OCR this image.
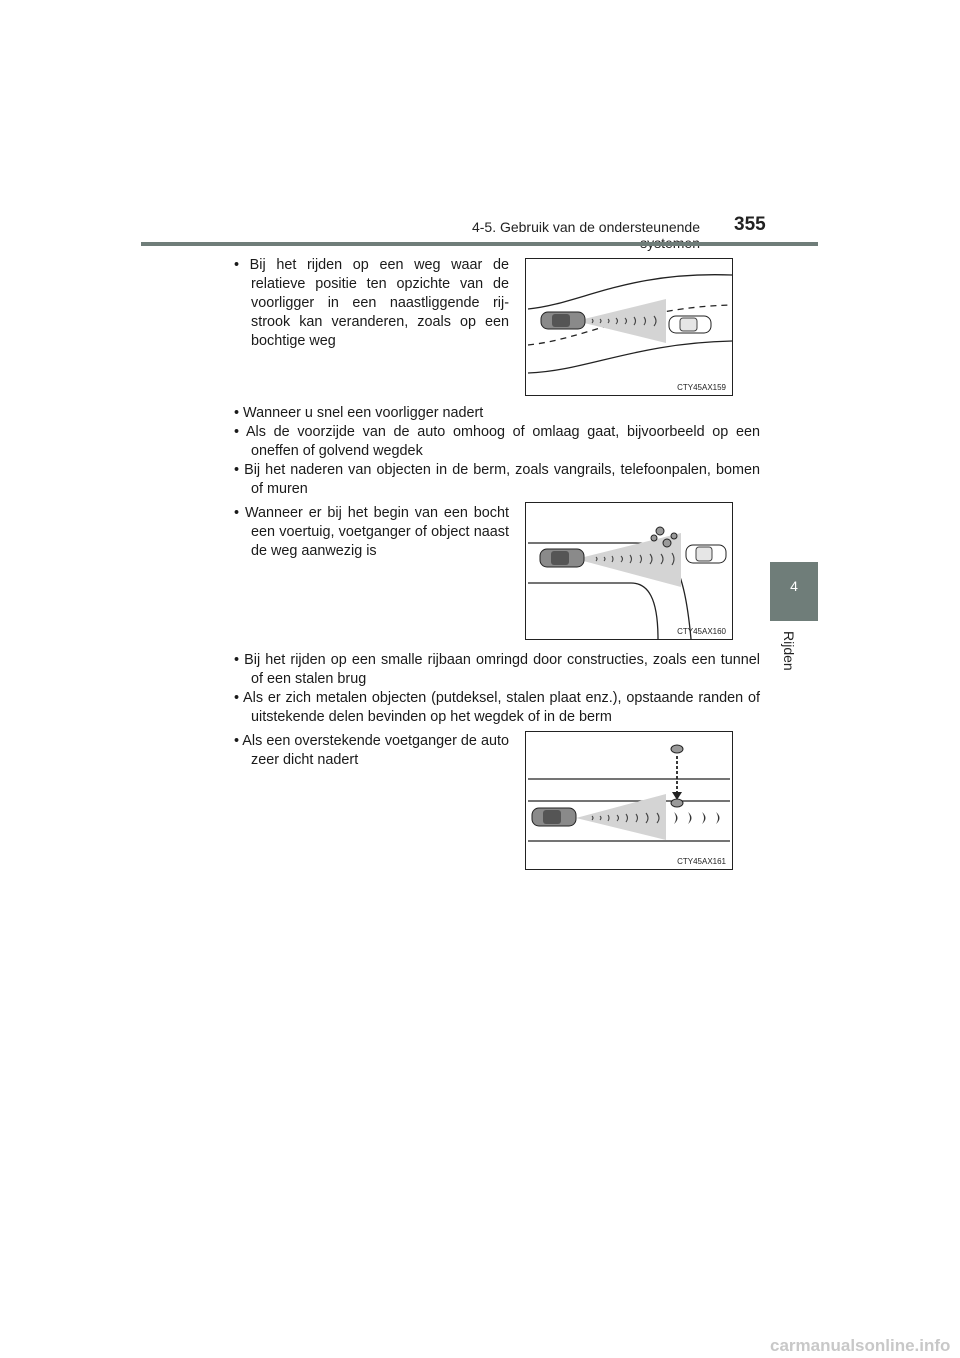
4-5. Gebruik van de ondersteunende 355
4
Rijden
• Bij het rijden op een weg waar de relatieve positie ten opzichte van de voorligger in een naastliggende rij-strook kan veranderen, zoals op een bochtige weg
• Wanneer u snel een voorligger nadert
• Als de voorzijde van de auto omhoog of omlaag gaat, bijvoorbeeld op een oneffen of golvend wegdek
• Bij het naderen van objecten in de berm, zoals vangrails, telefoonpalen, bomen of muren
• Wanneer er bij het begin van een bocht een voertuig, voetganger of object naast de weg aanwezig is
• Bij het rijden op een smalle rijbaan omringd door constructies, zoals een tunnel of een stalen brug
• Als er zich metalen objecten (putdeksel, stalen plaat enz.), opstaande randen of uitstekende delen bevinden op het wegdek of in de berm
• Als een overstekende voetganger de auto zeer dicht nadert
CTY45AX159
CTY45AX160
CTY45AX161
carmanualsonline.info
